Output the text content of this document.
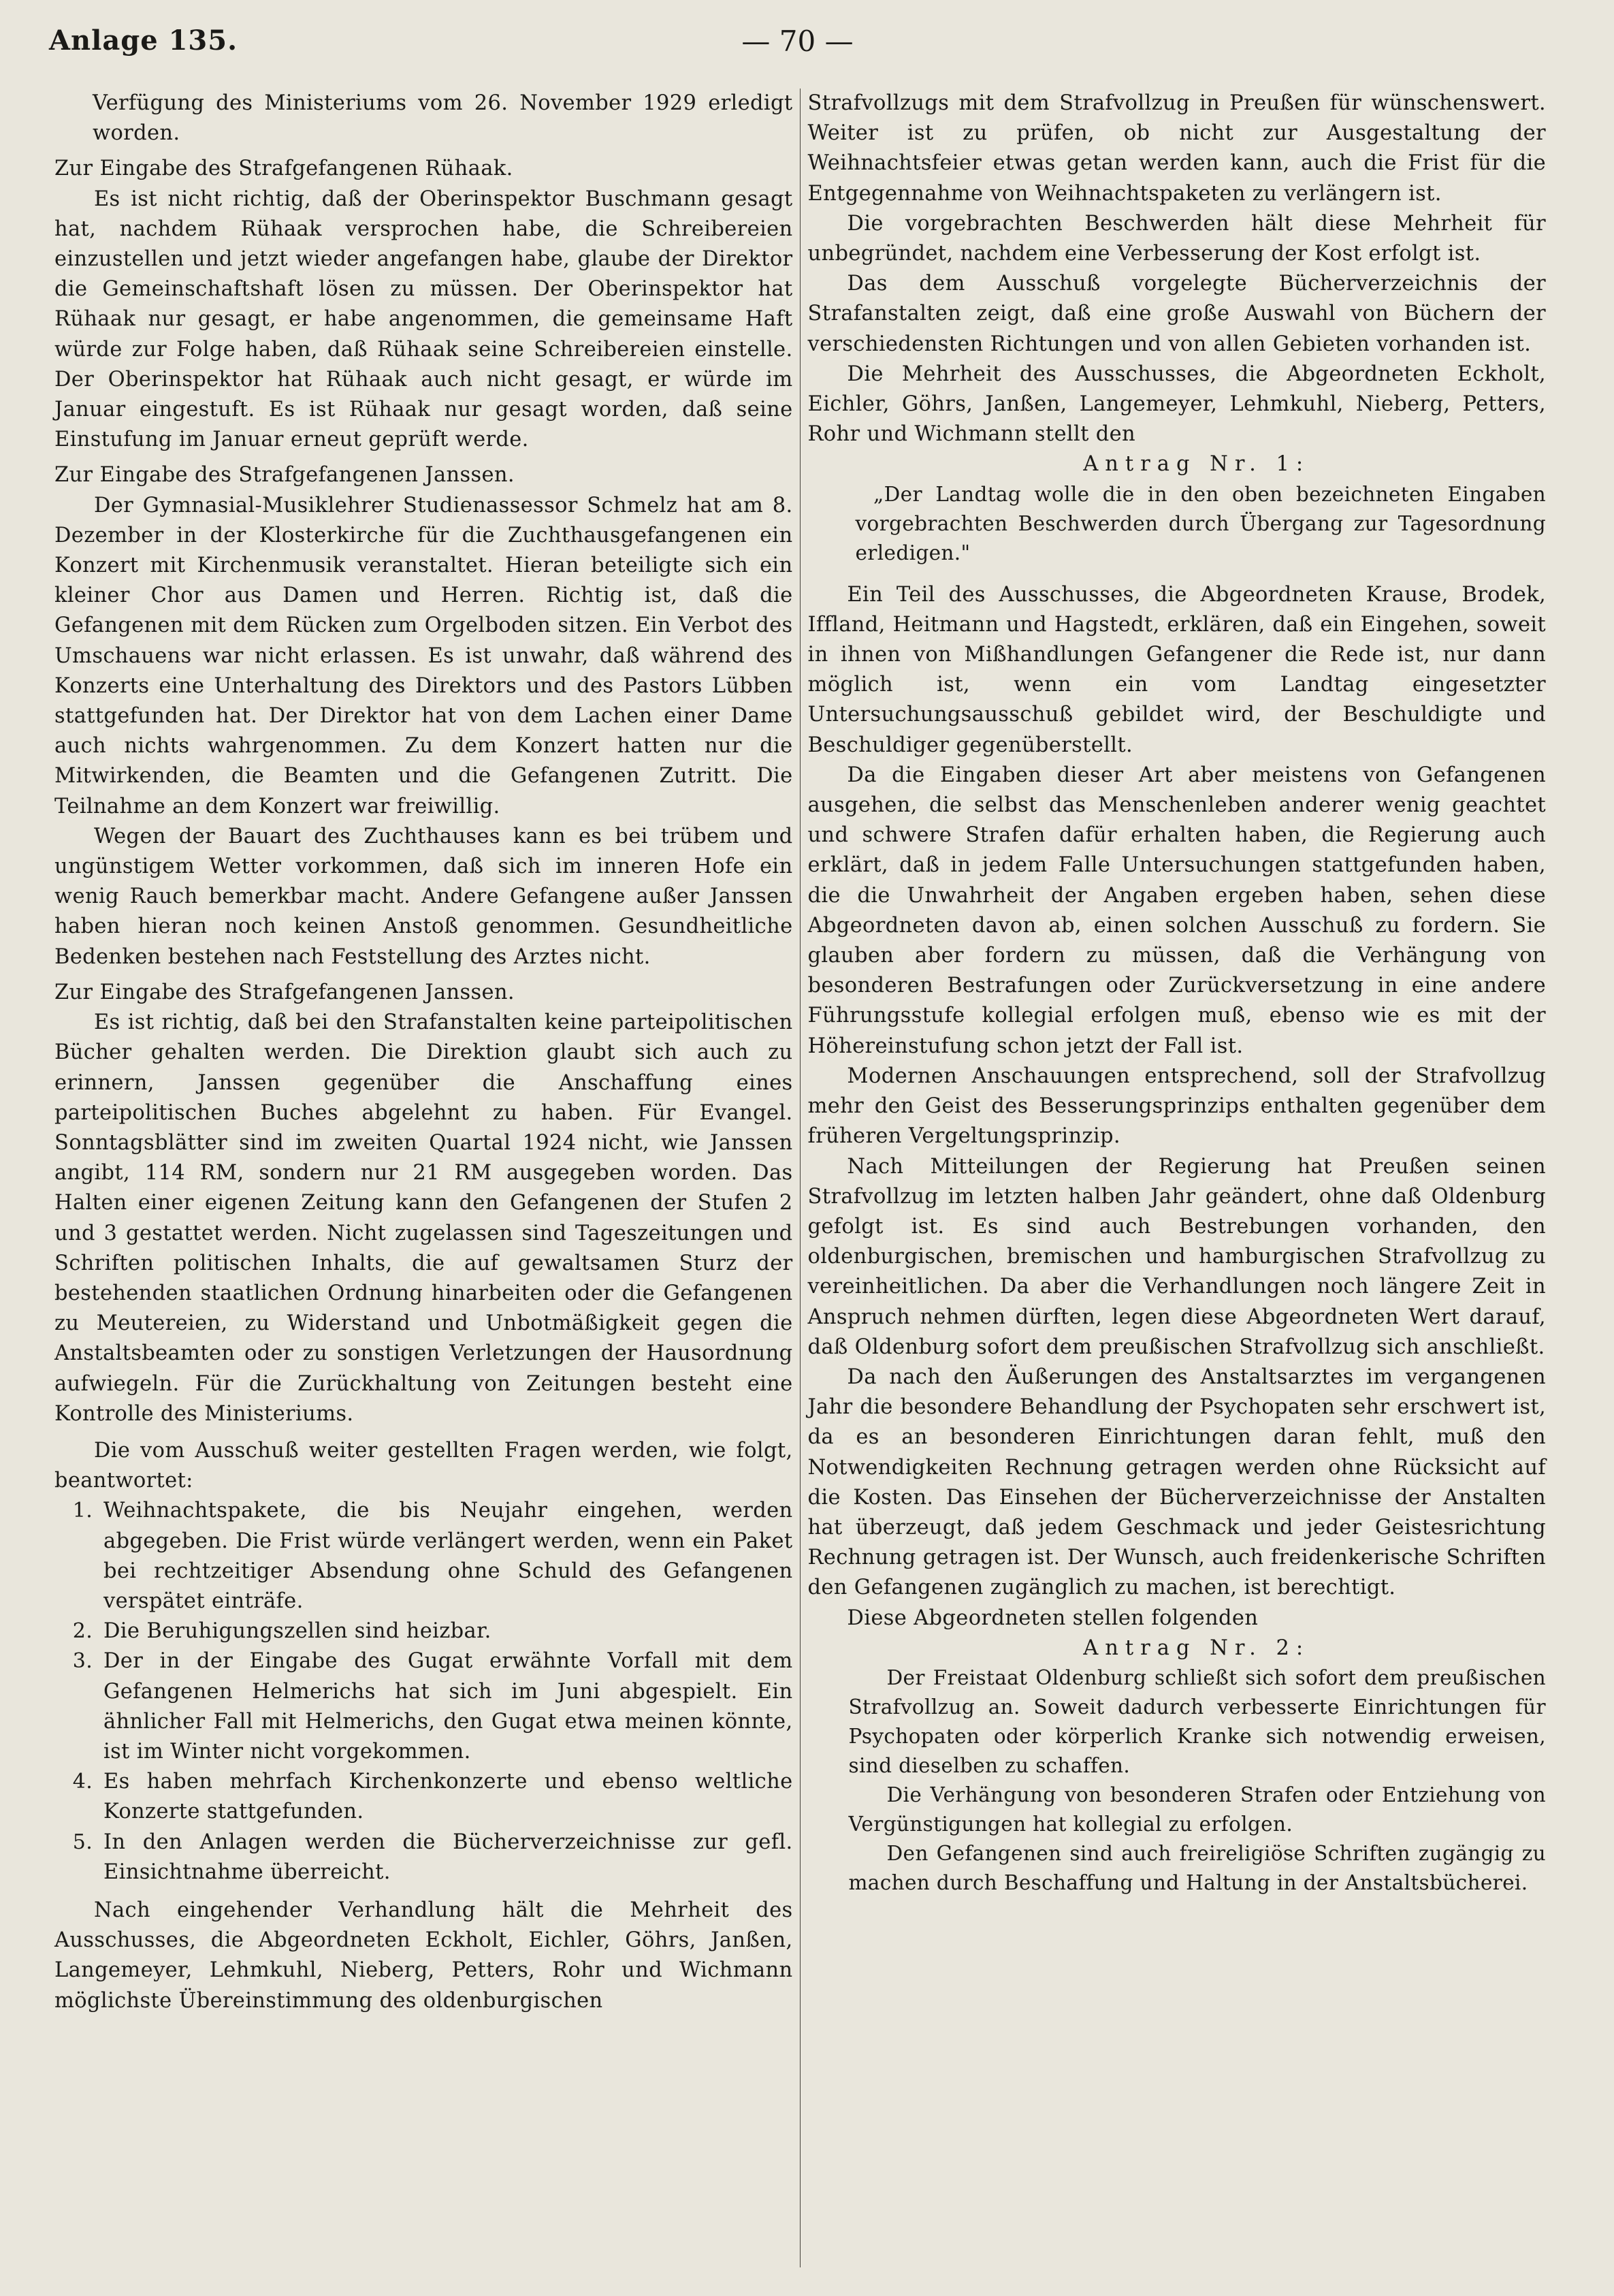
Anlage 135.	— 70 —

Verfügung des Ministeriums vom 26. November 1929 erledigt worden.

Zur Eingabe des Strafgefangenen Rühaak.

Es ist nicht richtig, daß der Oberinspektor Buschmann gesagt hat, nachdem Rühaak versprochen habe, die Schreibereien einzustellen und jetzt wieder angefangen habe, glaube der Direktor die Gemeinschaftshaft lösen zu müssen. Der Oberinspektor hat Rühaak nur gesagt, er habe angenommen, die gemeinsame Haft würde zur Folge haben, daß Rühaak seine Schreibereien einstelle. Der Oberinspektor hat Rühaak auch nicht gesagt, er würde im Januar eingestuft. Es ist Rühaak nur gesagt worden, daß seine Einstufung im Januar erneut geprüft werde.

Zur Eingabe des Strafgefangenen Janssen.

Der Gymnasial-Musiklehrer Studienassessor Schmelz hat am 8. Dezember in der Klosterkirche für die Zuchthausgefangenen ein Konzert mit Kirchenmusik veranstaltet. Hieran beteiligte sich ein kleiner Chor aus Damen und Herren. Richtig ist, daß die Gefangenen mit dem Rücken zum Orgelboden sitzen. Ein Verbot des Umschauens war nicht erlassen. Es ist unwahr, daß während des Konzerts eine Unterhaltung des Direktors und des Pastors Lübben stattgefunden hat. Der Direktor hat von dem Lachen einer Dame auch nichts wahrgenommen. Zu dem Konzert hatten nur die Mitwirkenden, die Beamten und die Gefangenen Zutritt. Die Teilnahme an dem Konzert war freiwillig.

Wegen der Bauart des Zuchthauses kann es bei trübem und ungünstigem Wetter vorkommen, daß sich im inneren Hofe ein wenig Rauch bemerkbar macht. Andere Gefangene außer Janssen haben hieran noch keinen Anstoß genommen. Gesundheitliche Bedenken bestehen nach Feststellung des Arztes nicht.

Zur Eingabe des Strafgefangenen Janssen.

Es ist richtig, daß bei den Strafanstalten keine parteipolitischen Bücher gehalten werden. Die Direktion glaubt sich auch zu erinnern, Janssen gegenüber die Anschaffung eines parteipolitischen Buches abgelehnt zu haben. Für Evangel. Sonntagsblätter sind im zweiten Quartal 1924 nicht, wie Janssen angibt, 114 RM, sondern nur 21 RM ausgegeben worden. Das Halten einer eigenen Zeitung kann den Gefangenen der Stufen 2 und 3 gestattet werden. Nicht zugelassen sind Tageszeitungen und Schriften politischen Inhalts, die auf gewaltsamen Sturz der bestehenden staatlichen Ordnung hinarbeiten oder die Gefangenen zu Meutereien, zu Widerstand und Unbotmäßigkeit gegen die Anstaltsbeamten oder zu sonstigen Verletzungen der Hausordnung aufwiegeln. Für die Zurückhaltung von Zeitungen besteht eine Kontrolle des Ministeriums.

Die vom Ausschuß weiter gestellten Fragen werden, wie folgt, beantwortet:

1. Weihnachtspakete, die bis Neujahr eingehen, werden abgegeben. Die Frist würde verlängert werden, wenn ein Paket bei rechtzeitiger Absendung ohne Schuld des Gefangenen verspätet einträfe.
2. Die Beruhigungszellen sind heizbar.
3. Der in der Eingabe des Gugat erwähnte Vorfall mit dem Gefangenen Helmerichs hat sich im Juni abgespielt. Ein ähnlicher Fall mit Helmerichs, den Gugat etwa meinen könnte, ist im Winter nicht vorgekommen.
4. Es haben mehrfach Kirchenkonzerte und ebenso weltliche Konzerte stattgefunden.
5. In den Anlagen werden die Bücherverzeichnisse zur gefl. Einsichtnahme überreicht.

Nach eingehender Verhandlung hält die Mehrheit des Ausschusses, die Abgeordneten Eckholt, Eichler, Göhrs, Janßen, Langemeyer, Lehmkuhl, Nieberg, Petters, Rohr und Wichmann möglichste Übereinstimmung des oldenburgischen

Strafvollzugs mit dem Strafvollzug in Preußen für wünschenswert. Weiter ist zu prüfen, ob nicht zur Ausgestaltung der Weihnachtsfeier etwas getan werden kann, auch die Frist für die Entgegennahme von Weihnachtspaketen zu verlängern ist.

Die vorgebrachten Beschwerden hält diese Mehrheit für unbegründet, nachdem eine Verbesserung der Kost erfolgt ist.

Das dem Ausschuß vorgelegte Bücherverzeichnis der Strafanstalten zeigt, daß eine große Auswahl von Büchern der verschiedensten Richtungen und von allen Gebieten vorhanden ist.

Die Mehrheit des Ausschusses, die Abgeordneten Eckholt, Eichler, Göhrs, Janßen, Langemeyer, Lehmkuhl, Nieberg, Petters, Rohr und Wichmann stellt den

Antrag Nr. 1:

„Der Landtag wolle die in den oben bezeichneten Eingaben vorgebrachten Beschwerden durch Übergang zur Tagesordnung erledigen."

Ein Teil des Ausschusses, die Abgeordneten Krause, Brodek, Iffland, Heitmann und Hagstedt, erklären, daß ein Eingehen, soweit in ihnen von Mißhandlungen Gefangener die Rede ist, nur dann möglich ist, wenn ein vom Landtag eingesetzter Untersuchungsausschuß gebildet wird, der Beschuldigte und Beschuldiger gegenüberstellt.

Da die Eingaben dieser Art aber meistens von Gefangenen ausgehen, die selbst das Menschenleben anderer wenig geachtet und schwere Strafen dafür erhalten haben, die Regierung auch erklärt, daß in jedem Falle Untersuchungen stattgefunden haben, die die Unwahrheit der Angaben ergeben haben, sehen diese Abgeordneten davon ab, einen solchen Ausschuß zu fordern. Sie glauben aber fordern zu müssen, daß die Verhängung von besonderen Bestrafungen oder Zurückversetzung in eine andere Führungsstufe kollegial erfolgen muß, ebenso wie es mit der Höhereinstufung schon jetzt der Fall ist.

Modernen Anschauungen entsprechend, soll der Strafvollzug mehr den Geist des Besserungsprinzips enthalten gegenüber dem früheren Vergeltungsprinzip.

Nach Mitteilungen der Regierung hat Preußen seinen Strafvollzug im letzten halben Jahr geändert, ohne daß Oldenburg gefolgt ist. Es sind auch Bestrebungen vorhanden, den oldenburgischen, bremischen und hamburgischen Strafvollzug zu vereinheitlichen. Da aber die Verhandlungen noch längere Zeit in Anspruch nehmen dürften, legen diese Abgeordneten Wert darauf, daß Oldenburg sofort dem preußischen Strafvollzug sich anschließt.

Da nach den Äußerungen des Anstaltsarztes im vergangenen Jahr die besondere Behandlung der Psychopaten sehr erschwert ist, da es an besonderen Einrichtungen daran fehlt, muß den Notwendigkeiten Rechnung getragen werden ohne Rücksicht auf die Kosten. Das Einsehen der Bücherverzeichnisse der Anstalten hat überzeugt, daß jedem Geschmack und jeder Geistesrichtung Rechnung getragen ist. Der Wunsch, auch freidenkerische Schriften den Gefangenen zugänglich zu machen, ist berechtigt.

Diese Abgeordneten stellen folgenden

Antrag Nr. 2:

Der Freistaat Oldenburg schließt sich sofort dem preußischen Strafvollzug an. Soweit dadurch verbesserte Einrichtungen für Psychopaten oder körperlich Kranke sich notwendig erweisen, sind dieselben zu schaffen.

Die Verhängung von besonderen Strafen oder Entziehung von Vergünstigungen hat kollegial zu erfolgen.

Den Gefangenen sind auch freireligiöse Schriften zugängig zu machen durch Beschaffung und Haltung in der Anstaltsbücherei.
